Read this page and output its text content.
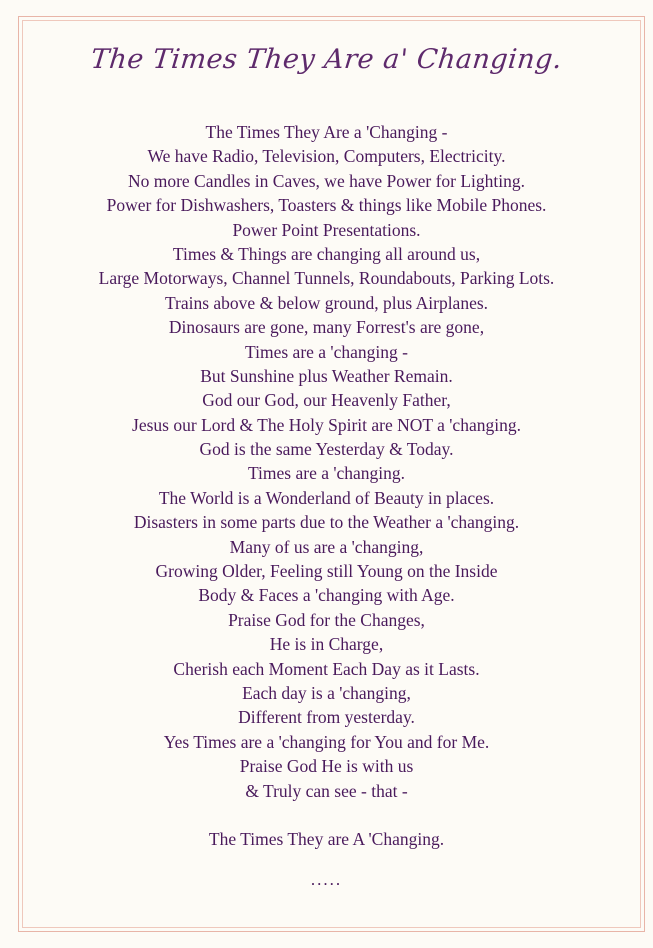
The Times They Are a' Changing.
The Times They Are a 'Changing -
We have Radio, Television, Computers, Electricity.
No more Candles in Caves, we have Power for Lighting.
Power for Dishwashers, Toasters & things like Mobile Phones.
Power Point Presentations.
Times & Things are changing all around us,
Large Motorways, Channel Tunnels, Roundabouts, Parking Lots.
Trains above & below ground, plus Airplanes.
Dinosaurs are gone, many Forrest's are gone,
Times are a 'changing -
But Sunshine plus Weather Remain.
God our God, our Heavenly Father,
Jesus our Lord & The Holy Spirit are NOT a 'changing.
God is the same Yesterday & Today.
Times are a 'changing.
The World is a Wonderland of Beauty in places.
Disasters in some parts due to the Weather a 'changing.
Many of us are a 'changing,
Growing Older, Feeling still Young on the Inside
Body & Faces a 'changing with Age.
Praise God for the Changes,
He is in Charge,
Cherish each Moment Each Day as it Lasts.
Each day is a 'changing,
Different from yesterday.
Yes Times are a 'changing for You and for Me.
Praise God He is with us
& Truly can see - that -
The Times They are A 'Changing.
.....
